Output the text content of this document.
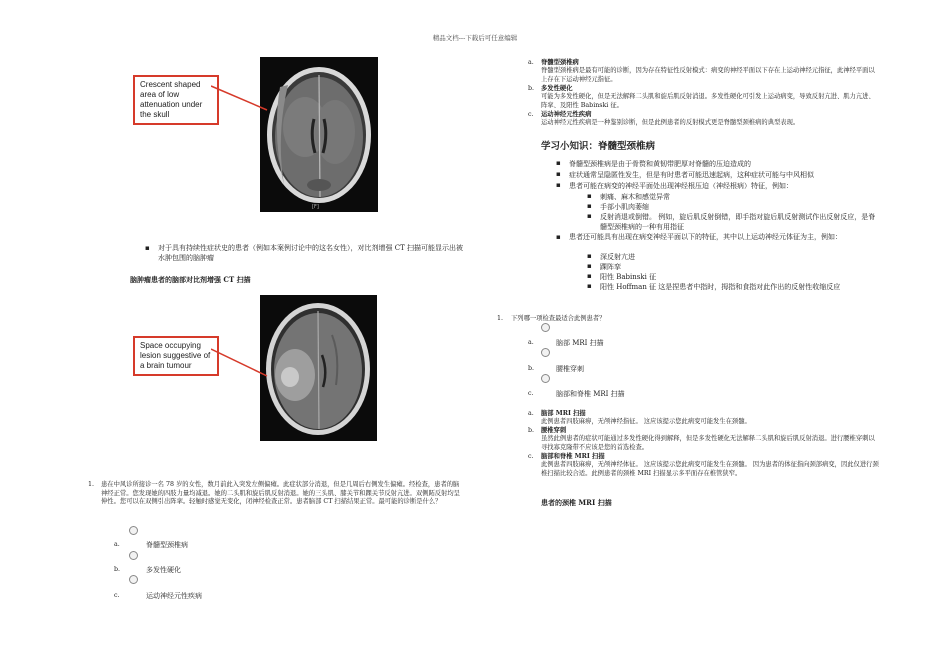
精品文档---下载后可任意编辑
[F]
Crescent shaped area of low attenuation under the skull
▪ 对于具有持续性症状史的患者（例如本案例讨论中的这名女性），对比剂增强 CT 扫描可能显示出被水肿包围的脑肿瘤
脑肿瘤患者的脑部对比剂增强 CT 扫描
Space occupying lesion suggestive of a brain tumour
1. 患在中风诊所接诊一名 78 岁的女性，数月前此入突发左侧偏瘫。此症状部分消退，但是几周后右侧发生偏瘫。经检查，患者的脑神经正常。您发现她的四肢力量均减退。她的二头肌和旋后肌反射消退。她的三头肌、膝关节和踝关节反射亢进。双侧跖反射均呈伸性。您可以在双侧引出阵挛。轻触时感觉无变化，闭神经检查正常。患者脑部 CT 扫描结果正常。最可能的诊断是什么？
a.	脊髓型颈椎病
b.	多发性硬化
c.	运动神经元性疾病
a. 脊髓型颈椎病
脊髓型颈椎病是最有可能的诊断，因为存在特征性反射模式：病变的神经平面以下存在上运动神经元指征，此神经平面以上存在下运动神经元指征。
b. 多发性硬化
可能为多发性硬化，但是无法解释二头肌和旋后肌反射消退。多发性硬化可引发上运动病变，导致反射亢进、肌力亢进、阵挛、及阳性 Babinski 征。
c. 运动神经元性疾病
运动神经元性疾病是一种鉴别诊断，但是此例患者的反射模式更是脊髓型颈椎病的典型表现。
学习小知识：脊髓型颈椎病
▪ 脊髓型颈椎病是由于骨赘和黄韧带肥厚对脊髓的压迫造成的
▪ 症状通常呈隐匿性发生，但是有时患者可能迅速起病，这种症状可能与中风相似
▪ 患者可能在病变的神经平面处出现神经根压迫（神经根病）特征，例如：
▪ 刺痛、麻木和感觉异常
▪ 手部小肌肉萎缩
▪ 反射消退或倒错。 例如，旋后肌反射倒错，即手指对旋后肌反射测试作出反射反应，是脊髓型颈椎病的一种有用指征
▪ 患者还可能具有出现在病变神经平面以下的特征，其中以上运动神经元体征为主，例如：
▪ 深反射亢进
▪ 踝阵挛
▪ 阳性 Babinski 征
▪ 阳性 Hoffman 征 这是捏患者中指时，拇指和食指对此作出的反射性收缩反应
1. 下列哪一项检查最适合此例患者？
a.	脑部 MRI 扫描
b.	腰椎穿刺
c.	脑部和脊椎 MRI 扫描
a. 脑部 MRI 扫描
此例患者四肢麻痹，无颅神经指征。 这应该提示您此病变可能发生在颈髓。
b. 腰椎穿刺
虽然此例患者的症状可能通过多发性硬化得到解释，但是多发性硬化无法解释二头肌和旋后肌反射消退。进行腰椎穿刺以寻找寡克隆带不应该是您的首选检查。
c. 脑部和脊椎 MRI 扫描
此例患者四肢麻痹，无颅神经体征。 这应该提示您此病变可能发生在颈髓。 因为患者的体征指向颈部病变，因此仅进行颈椎扫描比较合适。此例患者的颈椎 MRI 扫描显示多平面存在椎管狭窄。
患者的颈椎 MRI 扫描
